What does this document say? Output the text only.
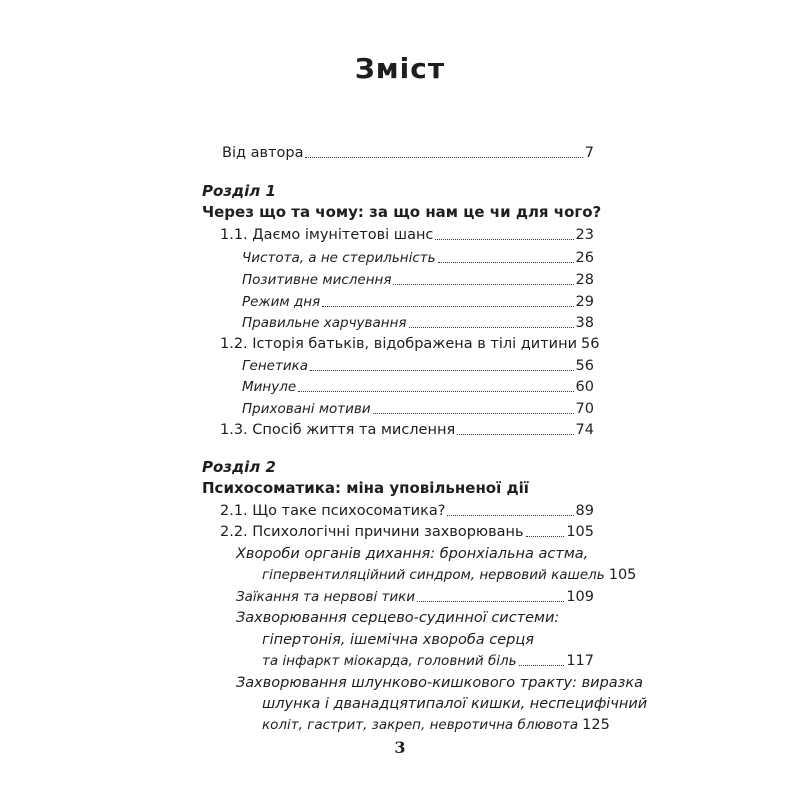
Зміст
Від автора	7
Розділ 1
Через що та чому: за що нам це чи для чого?
1.1. Даємо імунітетові шанс	23
Чистота, а не стерильність	26
Позитивне мислення	28
Режим дня	29
Правильне харчування	38
1.2. Історія батьків, відображена в тілі дитини 56
Генетика	56
Минуле	60
Приховані мотиви	70
1.3. Спосіб життя та мислення	74
Розділ 2
Психосоматика: міна уповільненої дії
2.1. Що таке психосоматика?	89
2.2. Психологічні причини захворювань	105
Хвороби органів дихання: бронхіальна астма,
гіпервентиляційний синдром, нервовий кашель 105
Заїкання та нервові тики	109
Захворювання серцево-судинної системи:
гіпертонія, ішемічна хвороба серця
та інфаркт міокарда, головний біль	117
Захворювання шлунково-кишкового тракту: виразка
шлунка і дванадцятипалої кишки, неспецифічний
коліт, гастрит, закреп, невротична блювота 125
3
